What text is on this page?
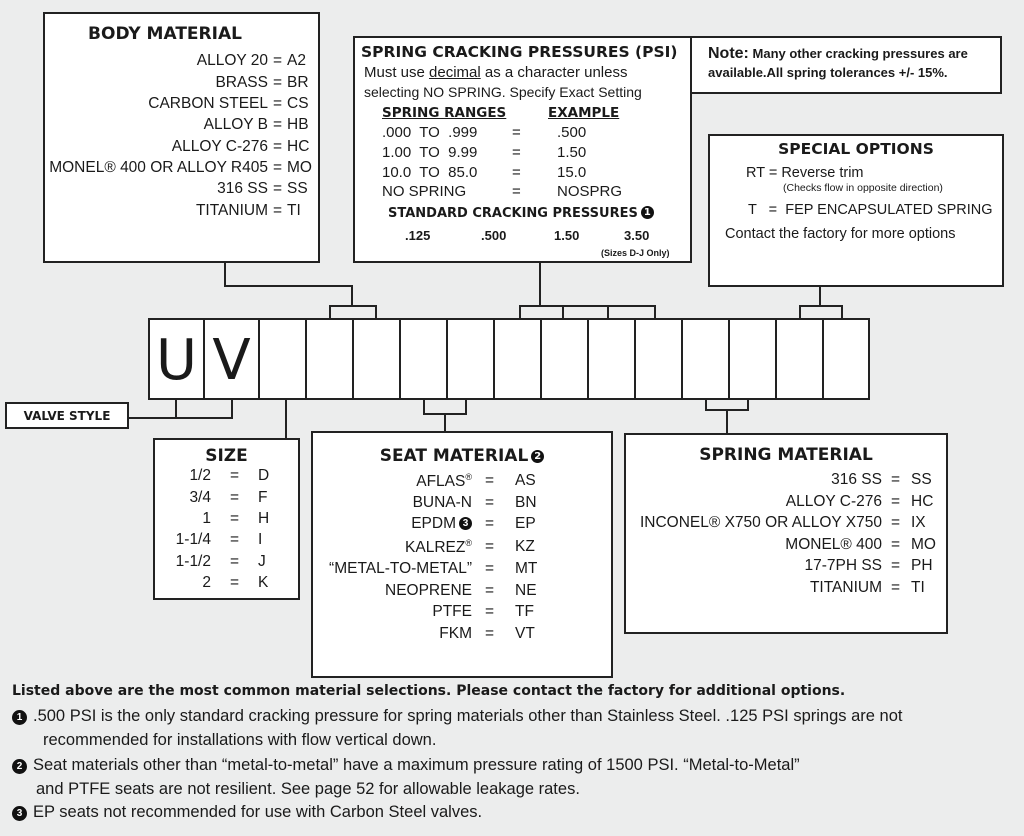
BODY MATERIAL
ALLOY 20 = A2
BRASS = BR
CARBON STEEL = CS
ALLOY B = HB
ALLOY C-276 = HC
MONEL® 400 OR ALLOY R405 = MO
316 SS = SS
TITANIUM = TI
SPRING CRACKING PRESSURES (PSI)
Must use decimal as a character unless
selecting NO SPRING. Specify Exact Setting
SPRING RANGES	EXAMPLE
.000  TO  .999 = .500
1.00  TO  9.99 = 1.50
10.0  TO  85.0 = 15.0
NO SPRING	= NOSPRG
STANDARD CRACKING PRESSURES 1
.125	.500	1.50	3.50
(Sizes D-J Only)
Note: Many other cracking pressures are available.All spring tolerances +/- 15%.
SPECIAL OPTIONS
RT = Reverse trim
(Checks flow in opposite direction)
T   =  FEP ENCAPSULATED SPRING
Contact the factory for more options
U V
VALVE STYLE
SIZE
1/2 = D
3/4 = F
1 = H
1-1/4 = I
1-1/2 = J
2 = K
SEAT MATERIAL 2
AFLAS® = AS
BUNA-N = BN
EPDM 3 = EP
KALREZ® = KZ
“METAL-TO-METAL” = MT
NEOPRENE = NE
PTFE = TF
FKM = VT
SPRING MATERIAL
316 SS = SS
ALLOY C-276 = HC
INCONEL® X750 OR ALLOY X750 = IX
MONEL® 400 = MO
17-7PH SS = PH
TITANIUM = TI
Listed above are the most common material selections. Please contact the factory for additional options.
1 .500 PSI is the only standard cracking pressure for spring materials other than Stainless Steel. .125 PSI springs are not
recommended for installations with flow vertical down.
2 Seat materials other than “metal-to-metal” have a maximum pressure rating of 1500 PSI. “Metal-to-Metal”
and PTFE seats are not resilient. See page 52 for allowable leakage rates.
3 EP seats not recommended for use with Carbon Steel valves.
